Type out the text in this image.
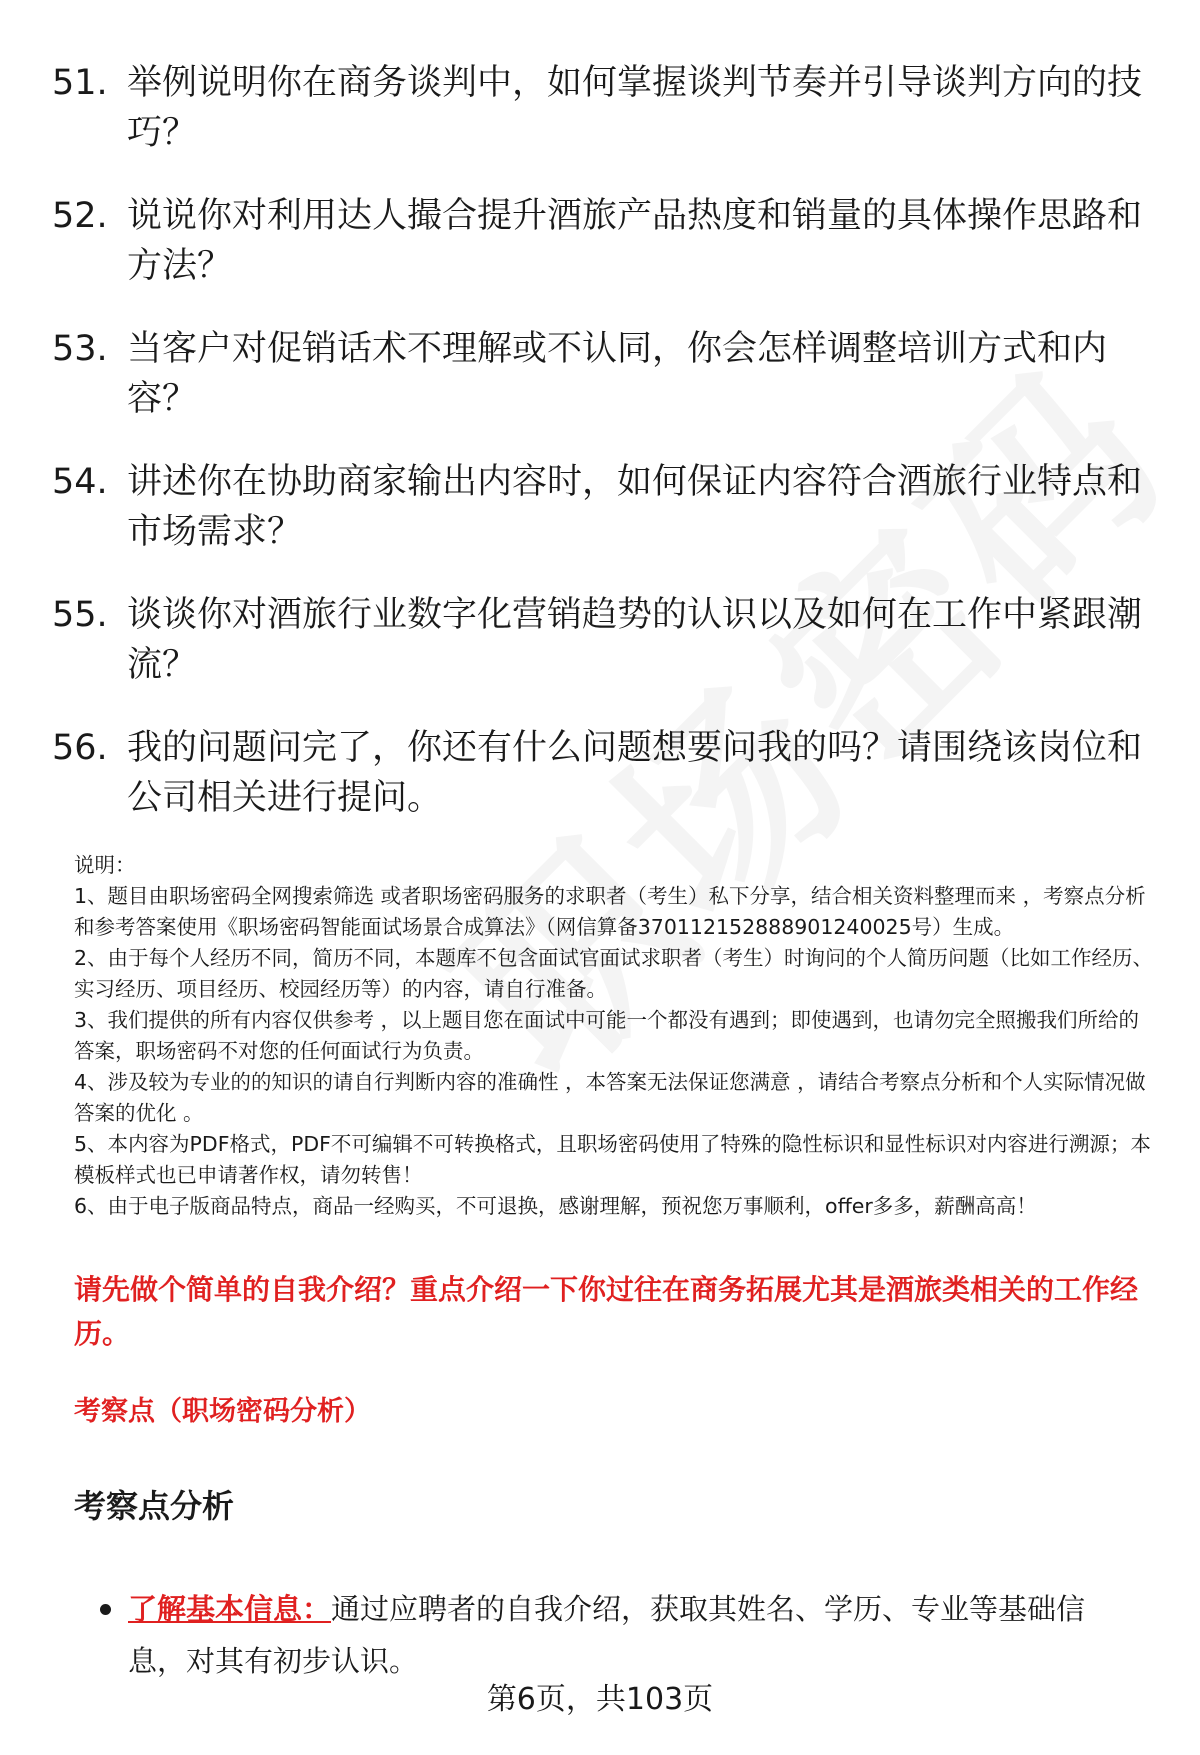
51. 举例说明你在商务谈判中，如何掌握谈判节奏并引导谈判方向的技巧？
52. 说说你对利用达人撮合提升酒旅产品热度和销量的具体操作思路和方法？
53. 当客户对促销话术不理解或不认同，你会怎样调整培训方式和内容？
54. 讲述你在协助商家输出内容时，如何保证内容符合酒旅行业特点和市场需求？
55. 谈谈你对酒旅行业数字化营销趋势的认识以及如何在工作中紧跟潮流？
56. 我的问题问完了，你还有什么问题想要问我的吗？请围绕该岗位和公司相关进行提问。
说明：
1、题目由职场密码全网搜索筛选 或者职场密码服务的求职者（考生）私下分享，结合相关资料整理而来 ，考察点分析和参考答案使用《职场密码智能面试场景合成算法》（网信算备370112152888901240025号）生成。
2、由于每个人经历不同，简历不同，本题库不包含面试官面试求职者（考生）时询问的个人简历问题（比如工作经历、实习经历、项目经历、校园经历等）的内容，请自行准备。
3、我们提供的所有内容仅供参考 ，以上题目您在面试中可能一个都没有遇到；即使遇到，也请勿完全照搬我们所给的答案，职场密码不对您的任何面试行为负责。
4、涉及较为专业的的知识的请自行判断内容的准确性 ，本答案无法保证您满意 ，请结合考察点分析和个人实际情况做答案的优化 。
5、本内容为PDF格式，PDF不可编辑不可转换格式，且职场密码使用了特殊的隐性标识和显性标识对内容进行溯源；本模板样式也已申请著作权，请勿转售！
6、由于电子版商品特点，商品一经购买，不可退换，感谢理解，预祝您万事顺利，offer多多，薪酬高高！
请先做个简单的自我介绍？重点介绍一下你过往在商务拓展尤其是酒旅类相关的工作经历。
考察点（职场密码分析）
考察点分析
了解基本信息：通过应聘者的自我介绍，获取其姓名、学历、专业等基础信息，对其有初步认识。
第6页，共103页
